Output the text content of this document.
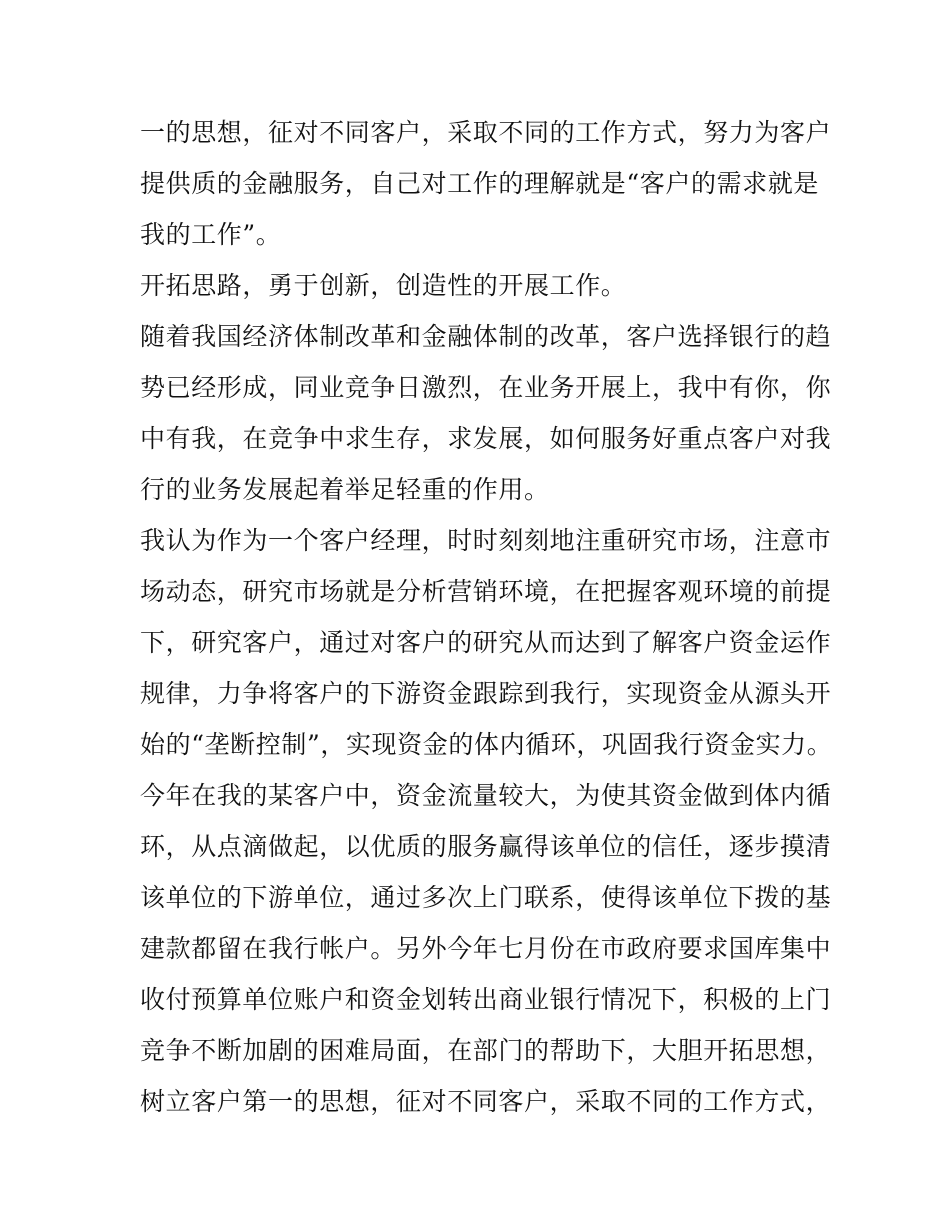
一的思想，征对不同客户，采取不同的工作方式，努力为客户
提供质的金融服务，自己对工作的理解就是“客户的需求就是
我的工作”。
开拓思路，勇于创新，创造性的开展工作。
随着我国经济体制改革和金融体制的改革，客户选择银行的趋
势已经形成，同业竞争日激烈，在业务开展上，我中有你，你
中有我，在竞争中求生存，求发展，如何服务好重点客户对我
行的业务发展起着举足轻重的作用。
我认为作为一个客户经理，时时刻刻地注重研究市场，注意市
场动态，研究市场就是分析营销环境，在把握客观环境的前提
下，研究客户，通过对客户的研究从而达到了解客户资金运作
规律，力争将客户的下游资金跟踪到我行，实现资金从源头开
始的“垄断控制”，实现资金的体内循环，巩固我行资金实力。
今年在我的某客户中，资金流量较大，为使其资金做到体内循
环，从点滴做起，以优质的服务赢得该单位的信任，逐步摸清
该单位的下游单位，通过多次上门联系，使得该单位下拨的基
建款都留在我行帐户。另外今年七月份在市政府要求国库集中
收付预算单位账户和资金划转出商业银行情况下，积极的上门
竞争不断加剧的困难局面，在部门的帮助下，大胆开拓思想，
树立客户第一的思想，征对不同客户，采取不同的工作方式，
